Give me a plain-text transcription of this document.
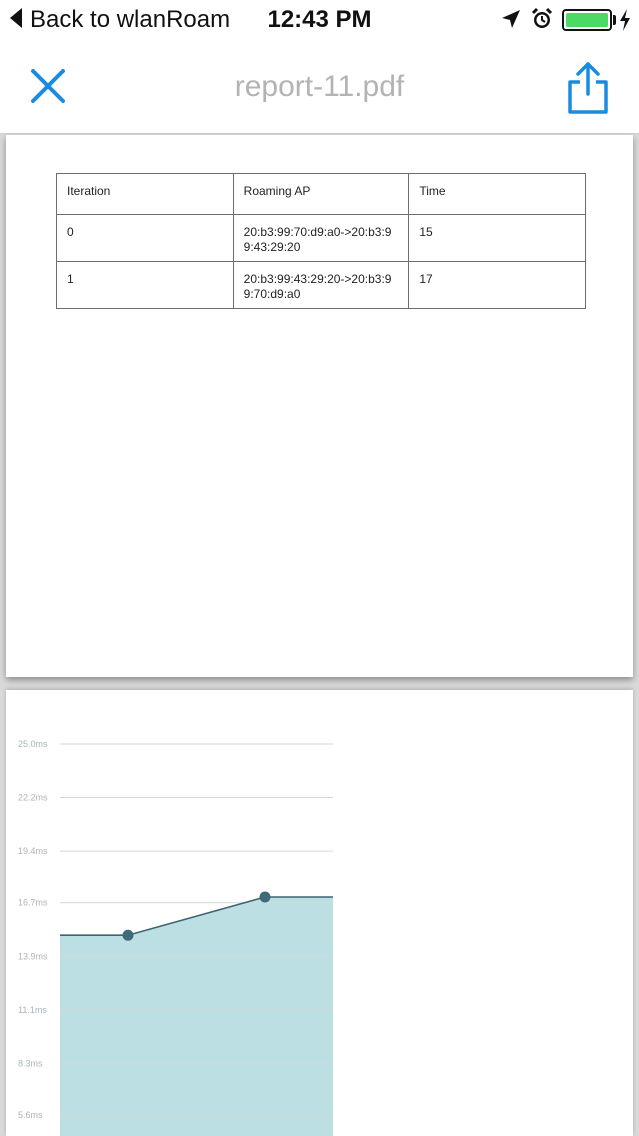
Back to wlanRoam	12:43 PM
report-11.pdf
Iteration	Roaming AP	Time
0	20:b3:99:70:d9:a0->20:b3:99:43:29:20	15
1	20:b3:99:43:29:20->20:b3:99:70:d9:a0	17
25.0ms
22.2ms
19.4ms
16.7ms
13.9ms
11.1ms
8.3ms
5.6ms
